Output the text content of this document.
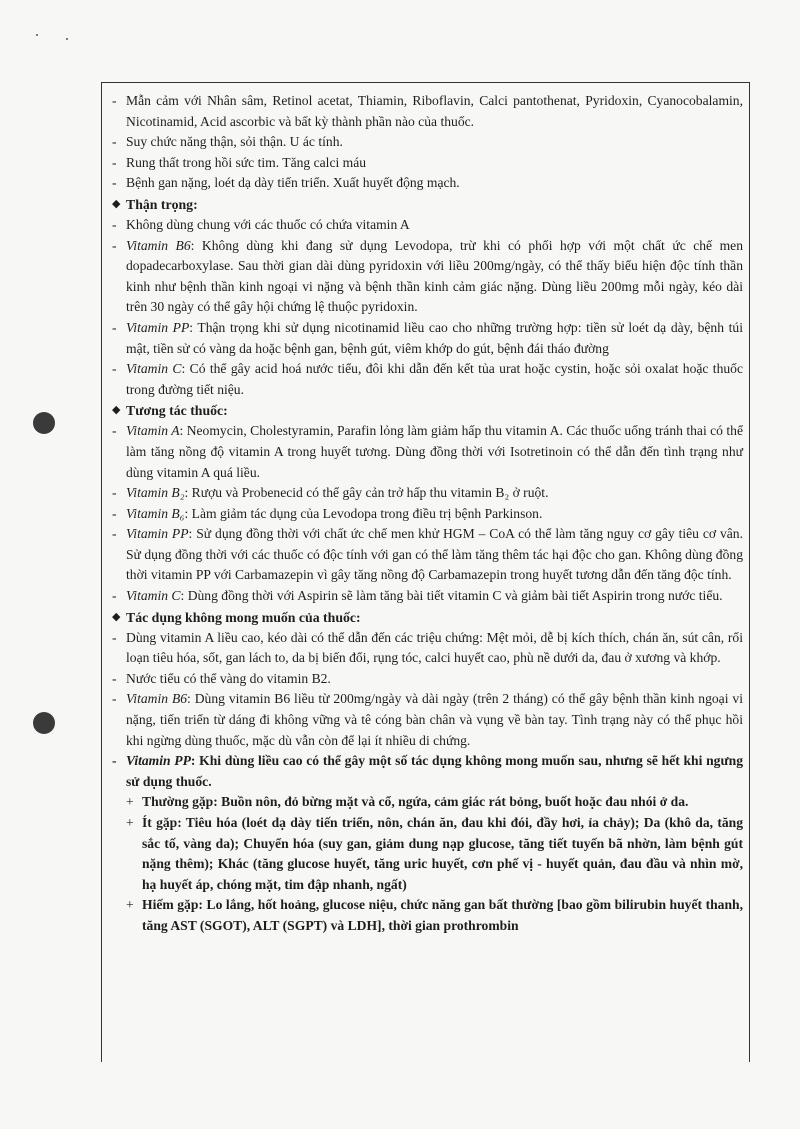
- Mẫn cảm với Nhân sâm, Retinol acetat, Thiamin, Riboflavin, Calci pantothenat, Pyridoxin, Cyanocobalamin, Nicotinamid, Acid ascorbic và bất kỳ thành phần nào của thuốc.
- Suy chức năng thận, sỏi thận. U ác tính.
- Rung thất trong hồi sức tim. Tăng calci máu
- Bệnh gan nặng, loét dạ dày tiến triển. Xuất huyết động mạch.
◆ Thận trọng:
- Không dùng chung với các thuốc có chứa vitamin A
- Vitamin B6: Không dùng khi đang sử dụng Levodopa, trừ khi có phối hợp với một chất ức chế men dopadecarboxylase. Sau thời gian dài dùng pyridoxin với liều 200mg/ngày, có thể thấy biểu hiện độc tính thần kinh như bệnh thần kinh ngoại vi nặng và bệnh thần kinh cảm giác nặng. Dùng liều 200mg mỗi ngày, kéo dài trên 30 ngày có thể gây hội chứng lệ thuộc pyridoxin.
- Vitamin PP: Thận trọng khi sử dụng nicotinamid liều cao cho những trường hợp: tiền sử loét dạ dày, bệnh túi mật, tiền sử có vàng da hoặc bệnh gan, bệnh gút, viêm khớp do gút, bệnh đái tháo đường
- Vitamin C: Có thể gây acid hoá nước tiểu, đôi khi dẫn đến kết tủa urat hoặc cystin, hoặc sỏi oxalat hoặc thuốc trong đường tiết niệu.
◆ Tương tác thuốc:
- Vitamin A: Neomycin, Cholestyramin, Parafin lỏng làm giảm hấp thu vitamin A. Các thuốc uống tránh thai có thể làm tăng nồng độ vitamin A trong huyết tương. Dùng đồng thời với Isotretinoin có thể dẫn đến tình trạng như dùng vitamin A quá liều.
- Vitamin B₂: Rượu và Probenecid có thể gây cản trở hấp thu vitamin B₂ ở ruột.
- Vitamin B₆: Làm giảm tác dụng của Levodopa trong điều trị bệnh Parkinson.
- Vitamin PP: Sử dụng đồng thời với chất ức chế men khử HGM – CoA có thể làm tăng nguy cơ gây tiêu cơ vân. Sử dụng đồng thời với các thuốc có độc tính với gan có thể làm tăng thêm tác hại độc cho gan. Không dùng đồng thời vitamin PP với Carbamazepin vì gây tăng nồng độ Carbamazepin trong huyết tương dẫn đến tăng độc tính.
- Vitamin C: Dùng đồng thời với Aspirin sẽ làm tăng bài tiết vitamin C và giảm bài tiết Aspirin trong nước tiểu.
◆ Tác dụng không mong muốn của thuốc:
- Dùng vitamin A liều cao, kéo dài có thể dẫn đến các triệu chứng: Mệt mỏi, dễ bị kích thích, chán ăn, sút cân, rối loạn tiêu hóa, sốt, gan lách to, da bị biến đổi, rụng tóc, calci huyết cao, phù nề dưới da, đau ở xương và khớp.
- Nước tiểu có thể vàng do vitamin B2.
- Vitamin B6: Dùng vitamin B6 liều từ 200mg/ngày và dài ngày (trên 2 tháng) có thể gây bệnh thần kinh ngoại vi nặng, tiến triển từ dáng đi không vững và tê cóng bàn chân và vụng về bàn tay. Tình trạng này có thể phục hồi khi ngừng dùng thuốc, mặc dù vẫn còn để lại ít nhiều di chứng.
- Vitamin PP: Khi dùng liều cao có thể gây một số tác dụng không mong muốn sau, nhưng sẽ hết khi ngưng sử dụng thuốc.
+ Thường gặp: Buồn nôn, đỏ bừng mặt và cổ, ngứa, cảm giác rát bỏng, buốt hoặc đau nhói ở da.
+ Ít gặp: Tiêu hóa (loét dạ dày tiến triển, nôn, chán ăn, đau khi đói, đầy hơi, ỉa chảy); Da (khô da, tăng sắc tố, vàng da); Chuyển hóa (suy gan, giảm dung nạp glucose, tăng tiết tuyến bã nhờn, làm bệnh gút nặng thêm); Khác (tăng glucose huyết, tăng uric huyết, cơn phế vị - huyết quản, đau đầu và nhìn mờ, hạ huyết áp, chóng mặt, tim đập nhanh, ngất)
+ Hiếm gặp: Lo lắng, hốt hoảng, glucose niệu, chức năng gan bất thường [bao gồm bilirubin huyết thanh, tăng AST (SGOT), ALT (SGPT) và LDH], thời gian prothrombin
